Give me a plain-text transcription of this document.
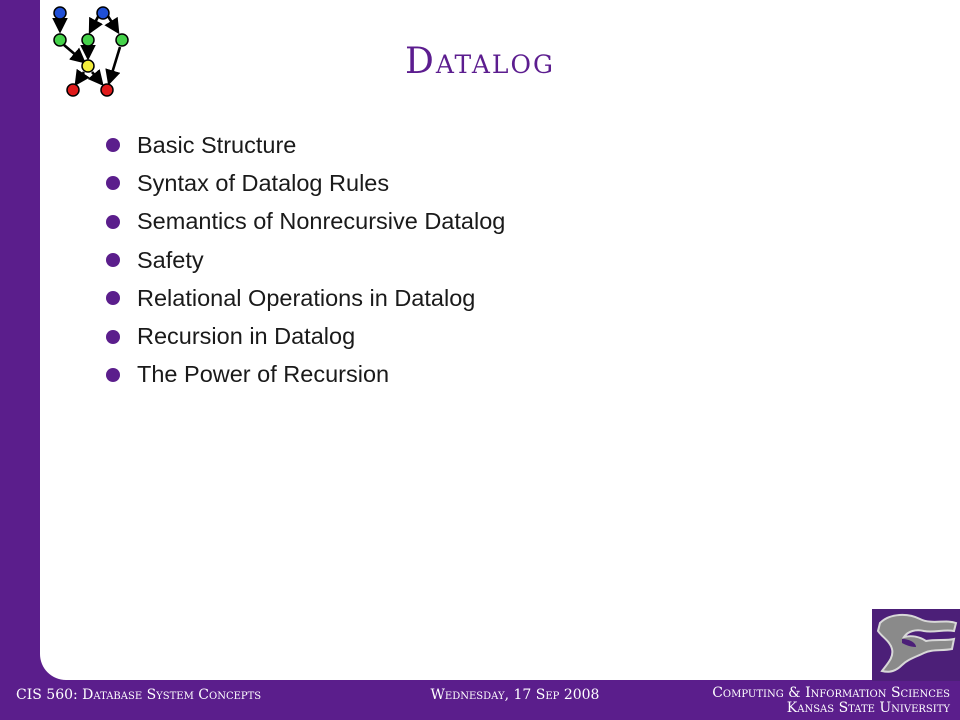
Datalog
Basic Structure
Syntax of Datalog Rules
Semantics of Nonrecursive Datalog
Safety
Relational Operations in Datalog
Recursion in Datalog
The Power of Recursion
CIS 560: Database System Concepts	Wednesday, 17 Sep 2008	Computing & Information Sciences
Kansas State University
